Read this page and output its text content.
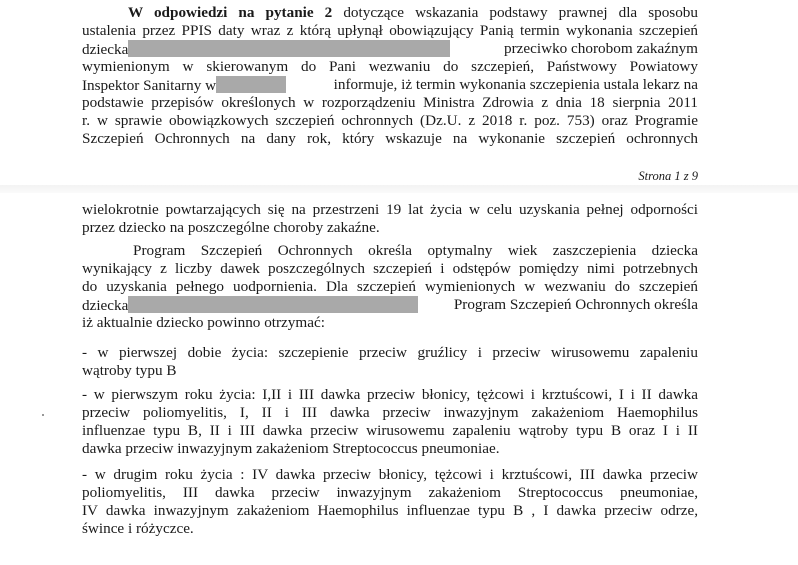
W odpowiedzi na pytanie 2 dotyczące wskazania podstawy prawnej dla sposobu
ustalenia przez PPIS daty wraz z którą upłynął obowiązujący Panią termin wykonania szczepień
dziecka	przeciwko chorobom zakaźnym
wymienionym w skierowanym do Pani wezwaniu do szczepień, Państwowy Powiatowy
Inspektor Sanitarny w	informuje, iż termin wykonania szczepienia ustala lekarz na
podstawie przepisów określonych w rozporządzeniu Ministra Zdrowia z dnia 18 sierpnia 2011
r. w sprawie obowiązkowych szczepień ochronnych (Dz.U. z 2018 r. poz. 753) oraz Programie
Szczepień Ochronnych na dany rok, który wskazuje na wykonanie szczepień ochronnych
Strona 1 z 9
wielokrotnie powtarzających się na przestrzeni 19 lat życia w celu uzyskania pełnej odporności
przez dziecko na poszczególne choroby zakaźne.
Program Szczepień Ochronnych określa optymalny wiek zaszczepienia dziecka
wynikający z liczby dawek poszczególnych szczepień i odstępów pomiędzy nimi potrzebnych
do uzyskania pełnego uodpornienia. Dla szczepień wymienionych w wezwaniu do szczepień
dziecka	Program Szczepień Ochronnych określa
iż aktualnie dziecko powinno otrzymać:
- w pierwszej dobie życia: szczepienie przeciw gruźlicy i przeciw wirusowemu zapaleniu
wątroby typu B
- w pierwszym roku życia: I,II i III dawka przeciw błonicy, tężcowi i krztuścowi, I i II dawka
przeciw poliomyelitis, I, II i III dawka przeciw inwazyjnym zakażeniom Haemophilus
influenzae typu B, II i III dawka przeciw wirusowemu zapaleniu wątroby typu B oraz I i II
dawka przeciw inwazyjnym zakażeniom Streptococcus pneumoniae.
- w drugim roku życia : IV dawka przeciw błonicy, tężcowi i krztuścowi, III dawka przeciw
poliomyelitis, III dawka przeciw inwazyjnym zakażeniom Streptococcus pneumoniae,
IV dawka inwazyjnym zakażeniom Haemophilus influenzae typu B , I dawka przeciw odrze,
śwince i różyczce.
